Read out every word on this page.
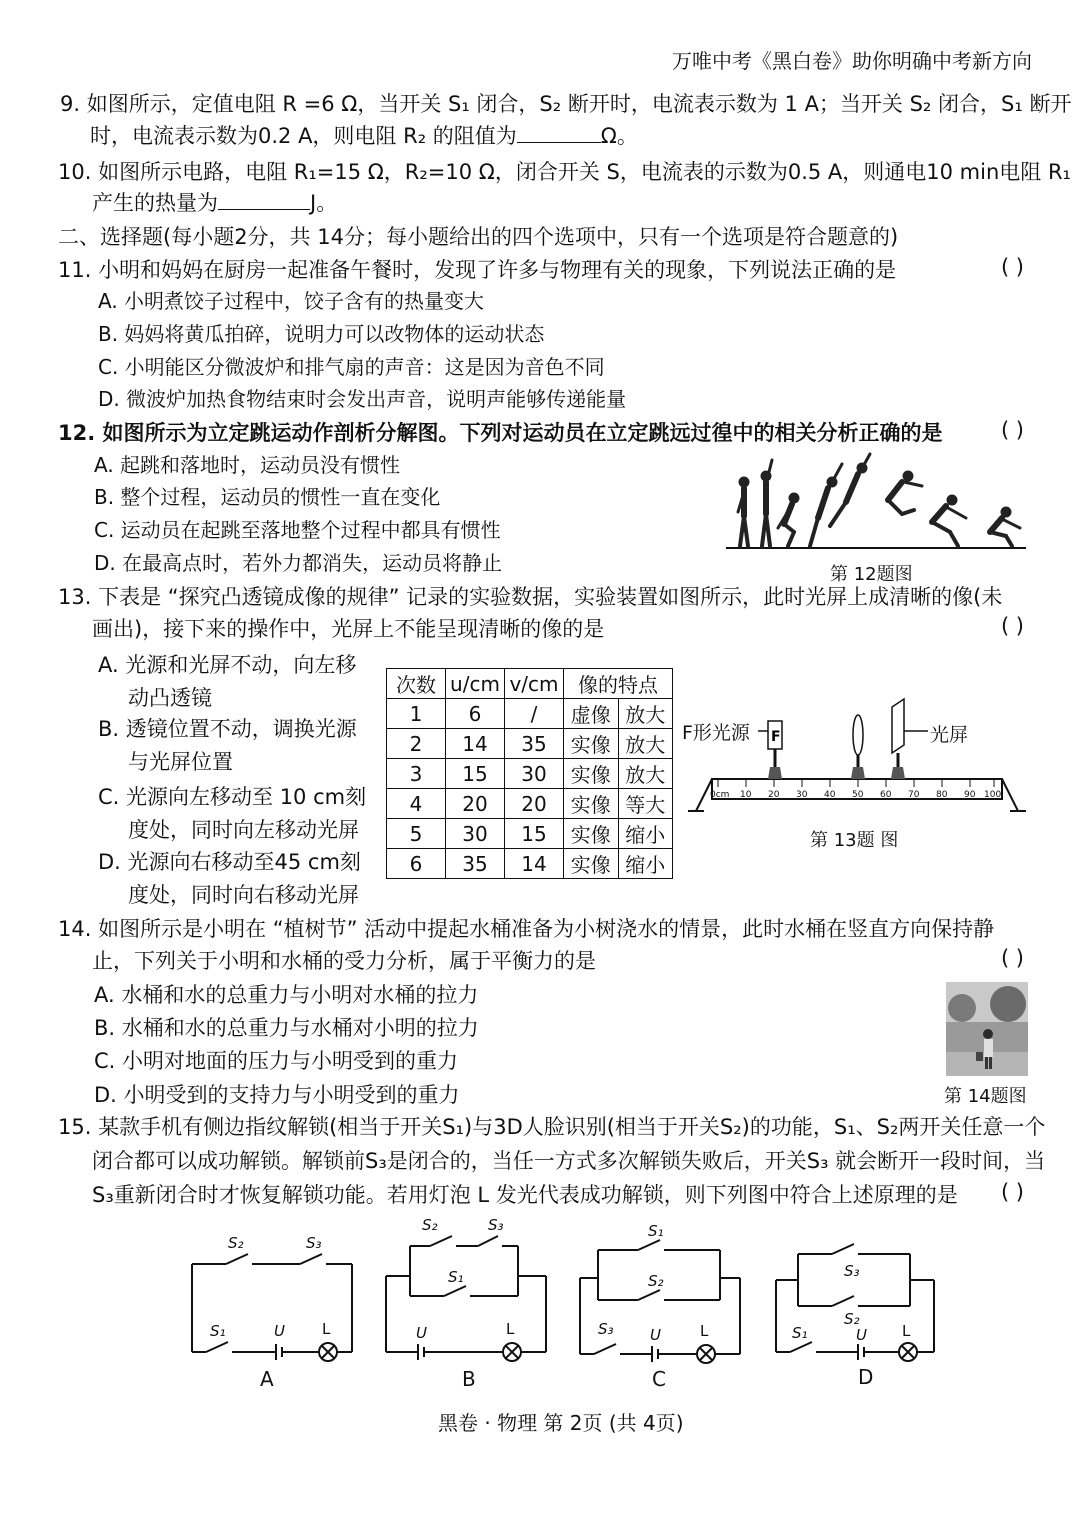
万唯中考《黑白卷》助你明确中考新方向
9. 如图所示，定值电阻 R =6 Ω，当开关 S₁ 闭合，S₂ 断开时，电流表示数为 1 A；当开关 S₂ 闭合，S₁ 断开
时，电流表示数为0.2 A，则电阻 R₂ 的阻值为	Ω。
10. 如图所示电路，电阻 R₁=15 Ω，R₂=10 Ω，闭合开关 S，电流表的示数为0.5 A，则通电10 min电阻 R₁
产生的热量为	J。
二、选择题(每小题2分，共 14分；每小题给出的四个选项中，只有一个选项是符合题意的)
11. 小明和妈妈在厨房一起准备午餐时，发现了许多与物理有关的现象，下列说法正确的是	( )
A. 小明煮饺子过程中，饺子含有的热量变大
B. 妈妈将黄瓜拍碎，说明力可以改物体的运动状态
C. 小明能区分微波炉和排气扇的声音：这是因为音色不同
D. 微波炉加热食物结束时会发出声音，说明声能够传递能量
12. 如图所示为立定跳运动作剖析分解图。下列对运动员在立定跳远过徨中的相关分析正确的是	( )
A. 起跳和落地时，运动员没有惯性
B. 整个过程，运动员的惯性一直在变化
C. 运动员在起跳至落地整个过程中都具有惯性
D. 在最高点时，若外力都消失，运动员将静止	第 12题图
13. 下表是 “探究凸透镜成像的规律” 记录的实验数据，实验装置如图所示，此时光屏上成清晰的像(未
画出)，接下来的操作中，光屏上不能呈现清晰的像的是	( )
A. 光源和光屏不动，向左移
动凸透镜
B. 透镜位置不动，调换光源
与光屏位置
C. 光源向左移动至 10 cm刻
度处，同时向左移动光屏
D. 光源向右移动至45 cm刻
度处，同时向右移动光屏
次数	u/cm	v/cm	像的特点	
1	6	/	虚像	放大
2	14	35	实像	放大
3	15	30	实像	放大
4	20	20	实像	等大
5	30	15	实像	缩小
6	35	14	实像	缩小
0cm 10 20 30 40 50 60 70 80 90 100
F
F形光源	光屏
第 13题 图
14. 如图所示是小明在 “植树节” 活动中提起水桶准备为小树浇水的情景，此时水桶在竖直方向保持静
止，下列关于小明和水桶的受力分析，属于平衡力的是	( )
A. 水桶和水的总重力与小明对水桶的拉力
B. 水桶和水的总重力与水桶对小明的拉力
C. 小明对地面的压力与小明受到的重力
D. 小明受到的支持力与小明受到的重力	第 14题图
15. 某款手机有侧边指纹解锁(相当于开关S₁)与3D人脸识别(相当于开关S₂)的功能，S₁、S₂两开关任意一个
闭合都可以成功解锁。解锁前S₃是闭合的，当任一方式多次解锁失败后，开关S₃ 就会断开一段时间，当
S₃重新闭合时才恢复解锁功能。若用灯泡 L 发光代表成功解锁，则下列图中符合上述原理的是 ( )
S₂	S₃
S₁	U L
A
S₂	S₃
S₁
U	L
B
S₁
S₂
S₃ U	L
C
S₃
S₂
S₁	U L
D
黑卷 · 物理 第 2页 (共 4页)
